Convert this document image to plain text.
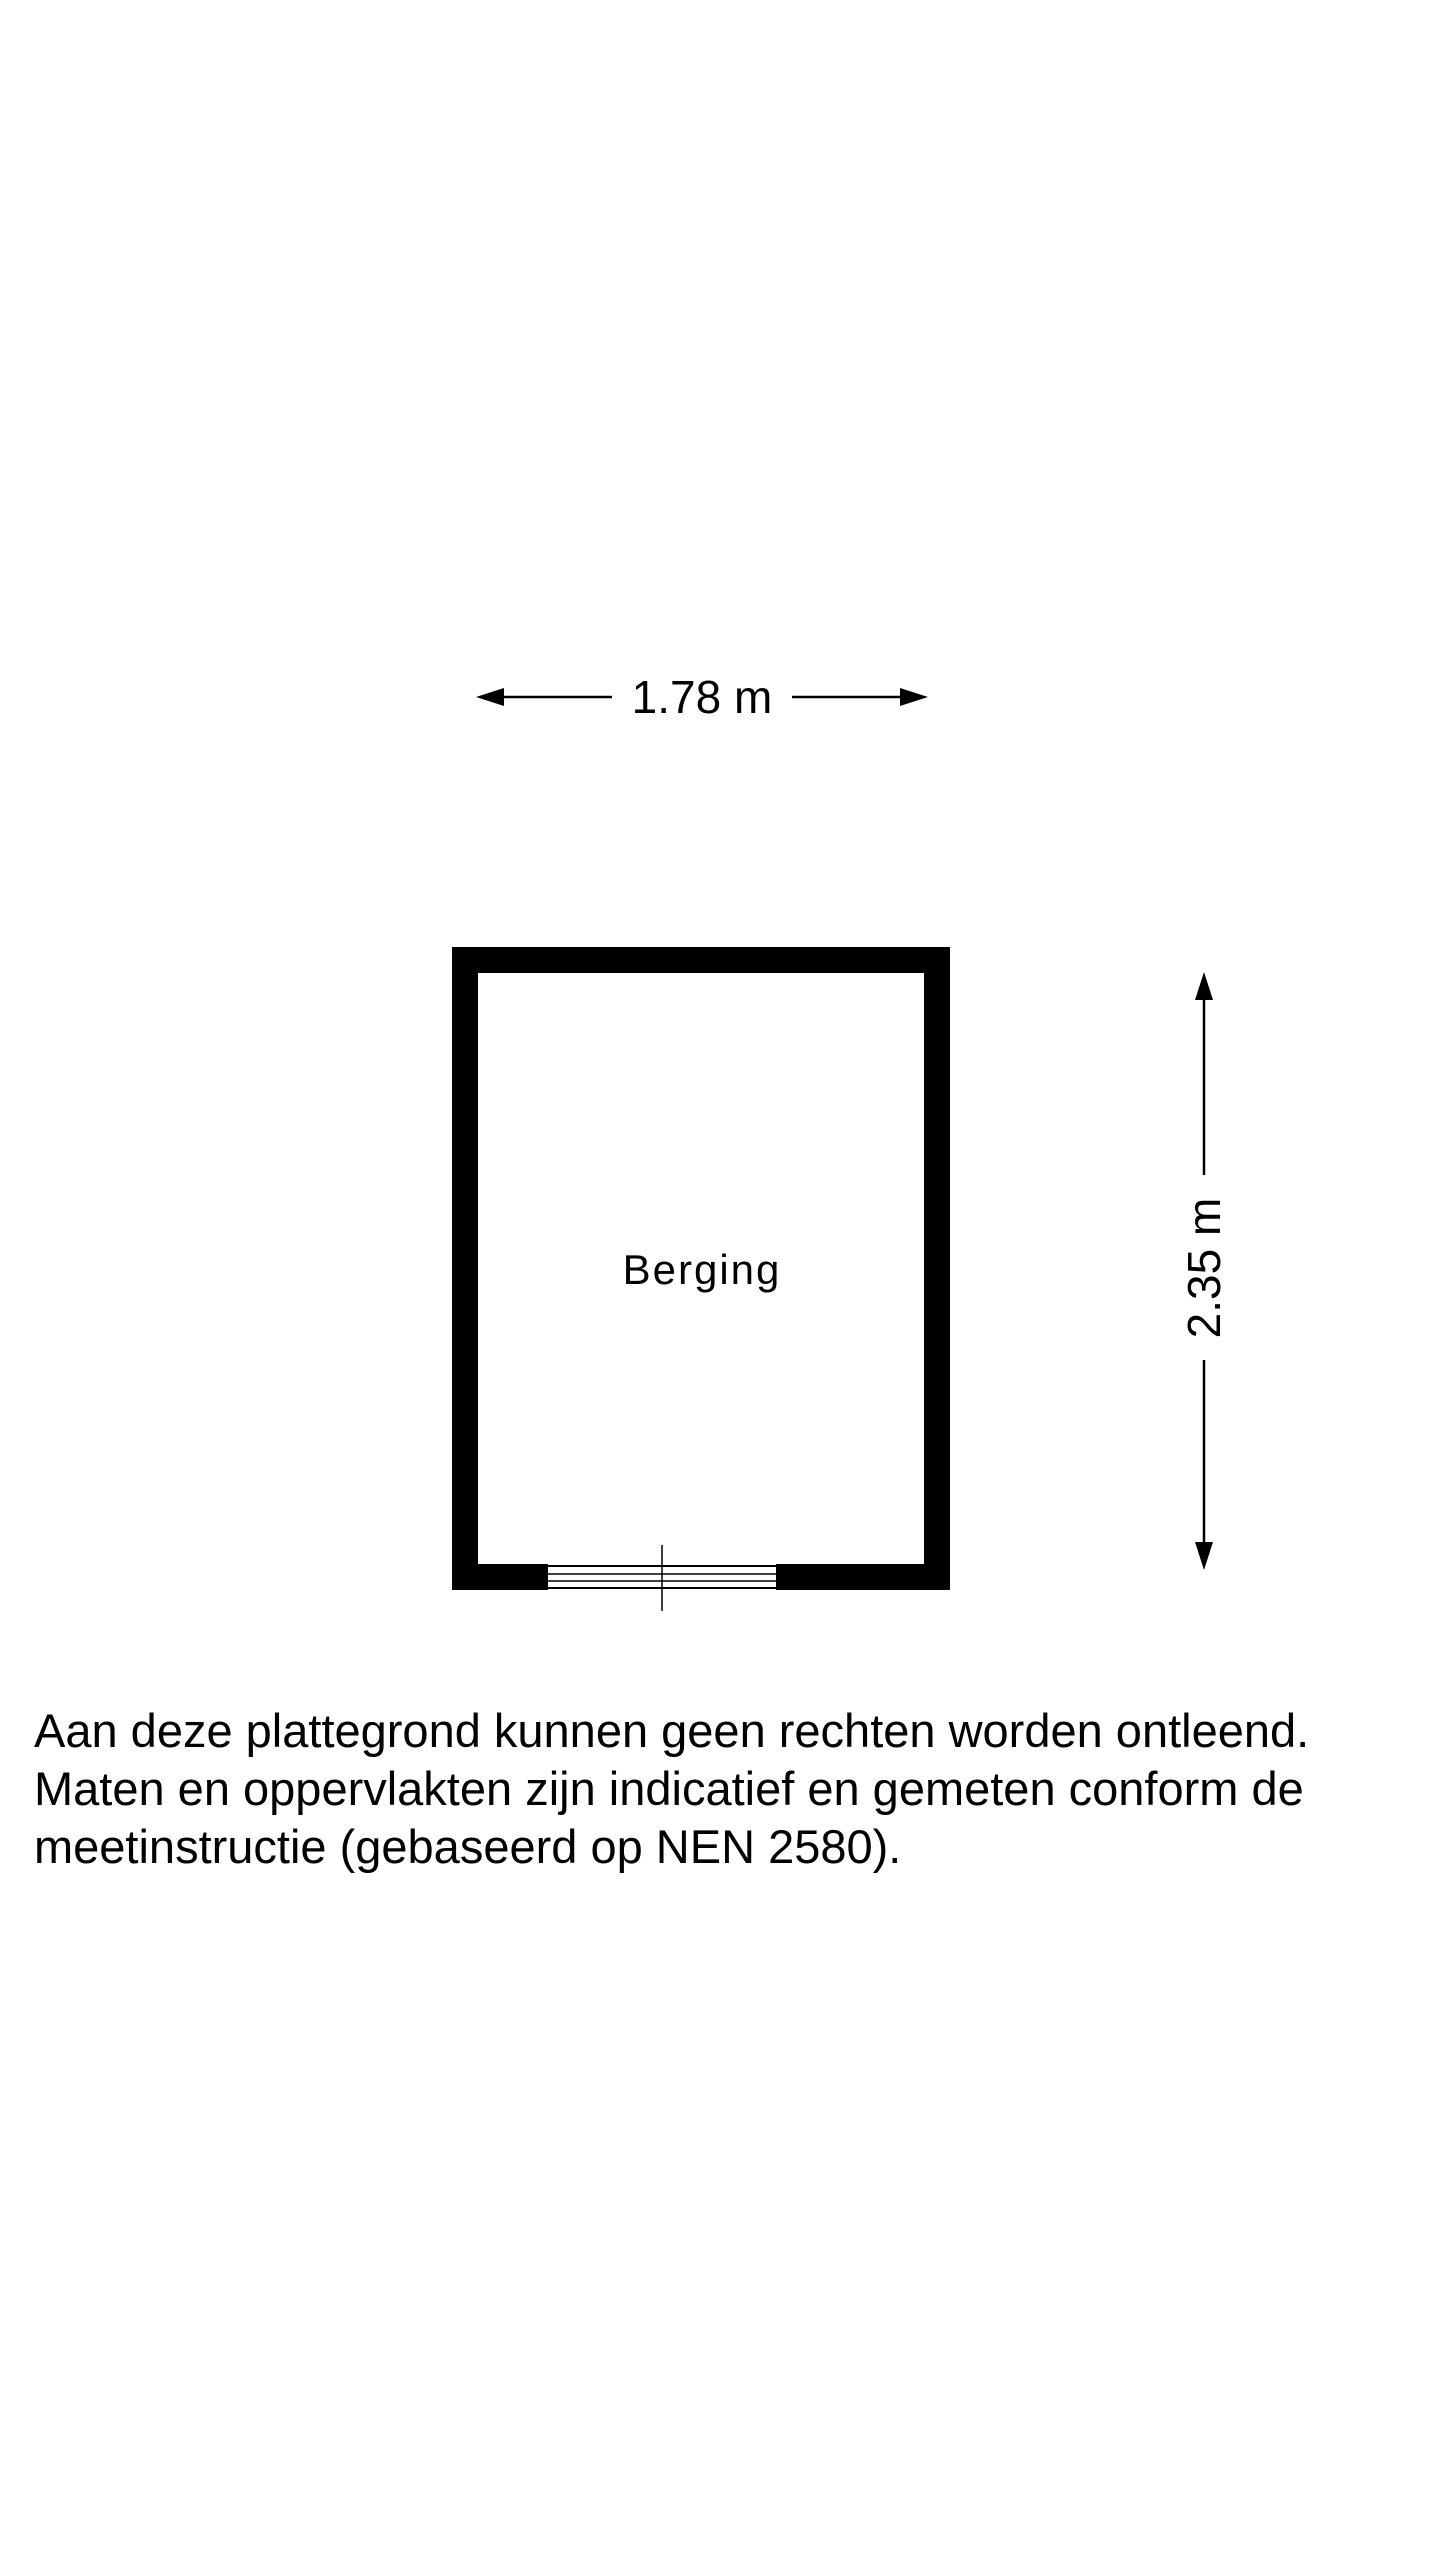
1.78 m
Berging	2.35 m

Aan deze plattegrond kunnen geen rechten worden ontleend.
Maten en oppervlakten zijn indicatief en gemeten conform de
meetinstructie (gebaseerd op NEN 2580).
